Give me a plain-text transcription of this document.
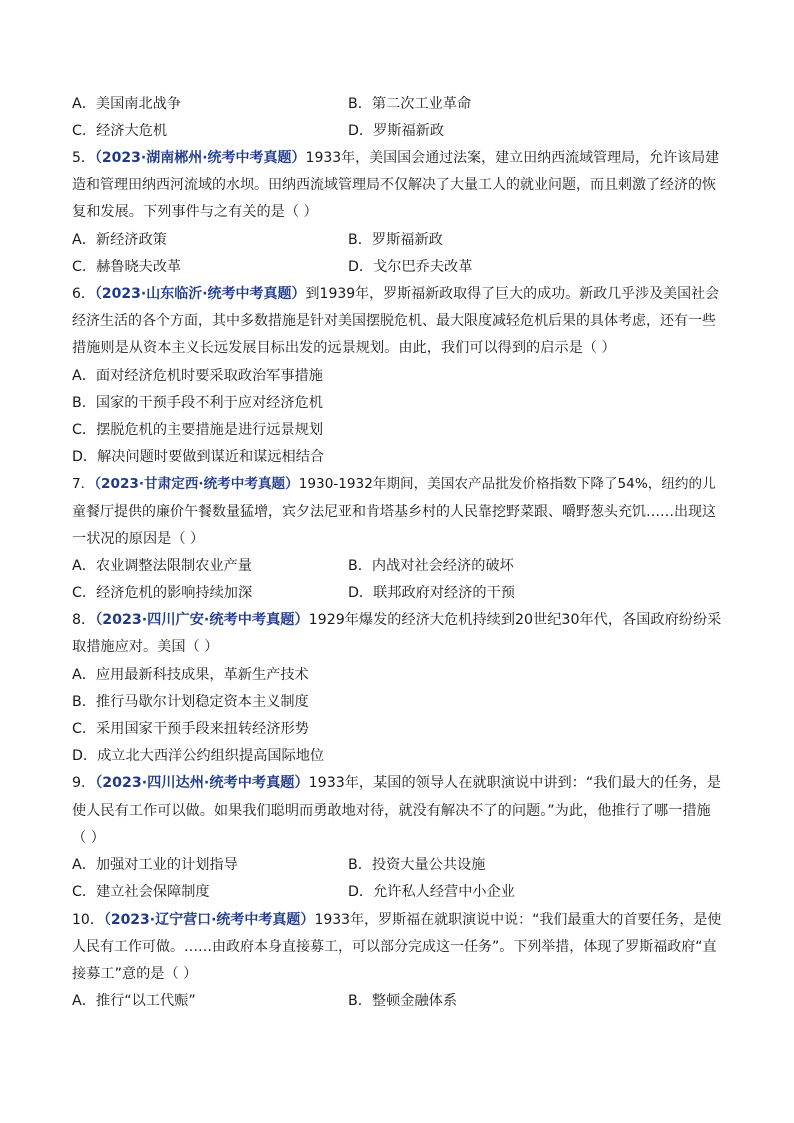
A．美国南北战争	B．第二次工业革命
C．经济大危机	D．罗斯福新政
5．（2023·湖南郴州·统考中考真题）1933年，美国国会通过法案，建立田纳西流域管理局，允许该局建
造和管理田纳西河流域的水坝。田纳西流域管理局不仅解决了大量工人的就业问题，而且刺激了经济的恢
复和发展。下列事件与之有关的是（ ）
A．新经济政策	B．罗斯福新政
C．赫鲁晓夫改革	D．戈尔巴乔夫改革
6．（2023·山东临沂·统考中考真题）到1939年，罗斯福新政取得了巨大的成功。新政几乎涉及美国社会
经济生活的各个方面，其中多数措施是针对美国摆脱危机、最大限度减轻危机后果的具体考虑，还有一些
措施则是从资本主义长远发展目标出发的远景规划。由此，我们可以得到的启示是（ ）
A．面对经济危机时要采取政治军事措施
B．国家的干预手段不利于应对经济危机
C．摆脱危机的主要措施是进行远景规划
D．解决问题时要做到谋近和谋远相结合
7．（2023·甘肃定西·统考中考真题）1930-1932年期间，美国农产品批发价格指数下降了54%，纽约的儿
童餐厅提供的廉价午餐数量猛增，宾夕法尼亚和肯塔基乡村的人民靠挖野菜跟、嚼野葱头充饥……出现这
一状况的原因是（ ）
A．农业调整法限制农业产量	B．内战对社会经济的破坏
C．经济危机的影响持续加深	D．联邦政府对经济的干预
8．（2023·四川广安·统考中考真题）1929年爆发的经济大危机持续到20世纪30年代，各国政府纷纷采
取措施应对。美国（ ）
A．应用最新科技成果，革新生产技术
B．推行马歇尔计划稳定资本主义制度
C．采用国家干预手段来扭转经济形势
D．成立北大西洋公约组织提高国际地位
9．（2023·四川达州·统考中考真题）1933年，某国的领导人在就职演说中讲到：“我们最大的任务，是
使人民有工作可以做。如果我们聪明而勇敢地对待，就没有解决不了的问题。”为此，他推行了哪一措施
（ ）
A．加强对工业的计划指导	B．投资大量公共设施
C．建立社会保障制度	D．允许私人经营中小企业
10．（2023·辽宁营口·统考中考真题）1933年，罗斯福在就职演说中说：“我们最重大的首要任务，是使
人民有工作可做。……由政府本身直接募工，可以部分完成这一任务”。下列举措，体现了罗斯福政府“直
接募工”意的是（ ）
A．推行“以工代赈”	B．整顿金融体系
